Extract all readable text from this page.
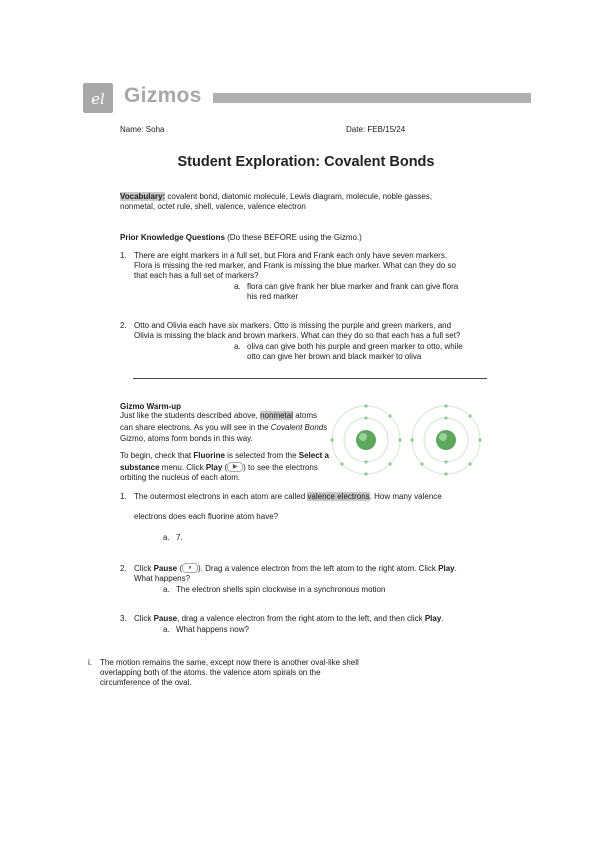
el Gizmos
Name: Soha	Date: FEB/15/24
Student Exploration: Covalent Bonds
Vocabulary: covalent bond, diatomic molecule, Lewis diagram, molecule, noble gasses,
nonmetal, octet rule, shell, valence, valence electron
Prior Knowledge Questions (Do these BEFORE using the Gizmo.)
1. There are eight markers in a full set, but Flora and Frank each only have seven markers.
Flora is missing the red marker, and Frank is missing the blue marker. What can they do so
that each has a full set of markers?
a. flora can give frank her blue marker and frank can give flora
his red marker
2. Otto and Olivia each have six markers. Otto is missing the purple and green markers, and
Olivia is missing the black and brown markers. What can they do so that each has a full set?
a. oliva can give both his purple and green marker to otto, while
otto can give her brown and black marker to oliva
Gizmo Warm-up
Just like the students described above, nonmetal atoms
can share electrons. As you will see in the Covalent Bonds
Gizmo, atoms form bonds in this way.
To begin, check that Fluorine is selected from the Select a
substance menu. Click Play ( ▶ ) to see the electrons
orbiting the nucleus of each atom.
1. The outermost electrons in each atom are called valence electrons. How many valence
electrons does each fluorine atom have?
a. 7.
2. Click Pause ( ⏸ ). Drag a valence electron from the left atom to the right atom. Click Play.
What happens?
a. The electron shells spin clockwise in a synchronous motion
3. Click Pause, drag a valence electron from the right atom to the left, and then click Play.
a. What happens now?
i. The motion remains the same, except now there is another oval-like shell
overlapping both of the atoms. the valence atom spirals on the
circumference of the oval.
